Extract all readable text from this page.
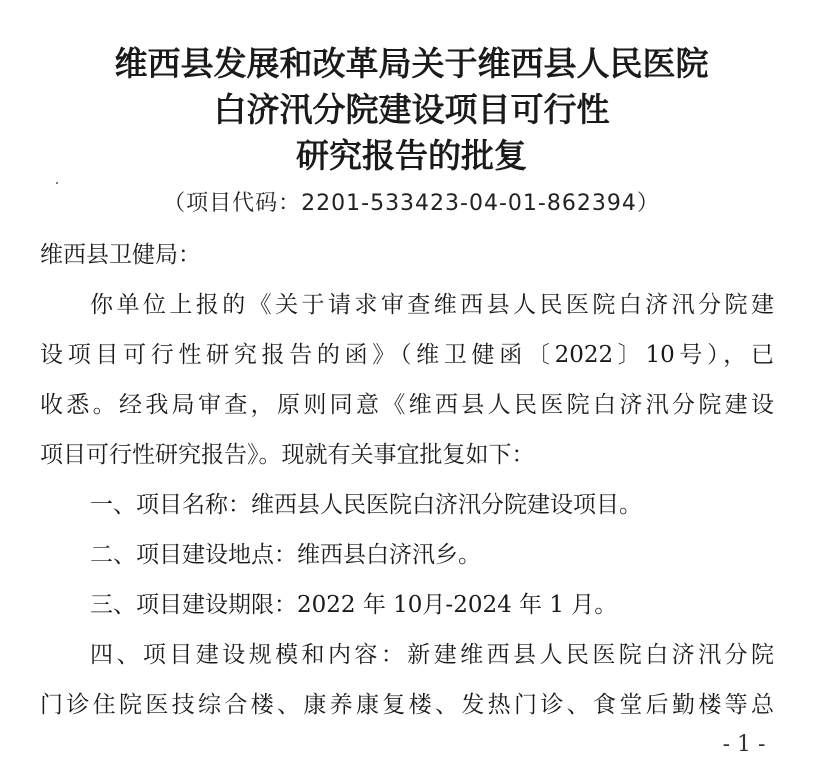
维西县发展和改革局关于维西县人民医院
白济汛分院建设项目可行性
研究报告的批复
（项目代码：2201-533423-04-01-862394）
维西县卫健局：
你单位上报的《关于请求审查维西县人民医院白济汛分院建
设项目可行性研究报告的函》（维卫健函〔2022〕10号），已
收悉。经我局审查，原则同意《维西县人民医院白济汛分院建设
项目可行性研究报告》。现就有关事宜批复如下：
一、项目名称：维西县人民医院白济汛分院建设项目。
二、项目建设地点：维西县白济汛乡。
三、项目建设期限：2022 年 10月-2024 年 1 月。
四、项目建设规模和内容：新建维西县人民医院白济汛分院
门诊住院医技综合楼、康养康复楼、发热门诊、食堂后勤楼等总
- 1 -
